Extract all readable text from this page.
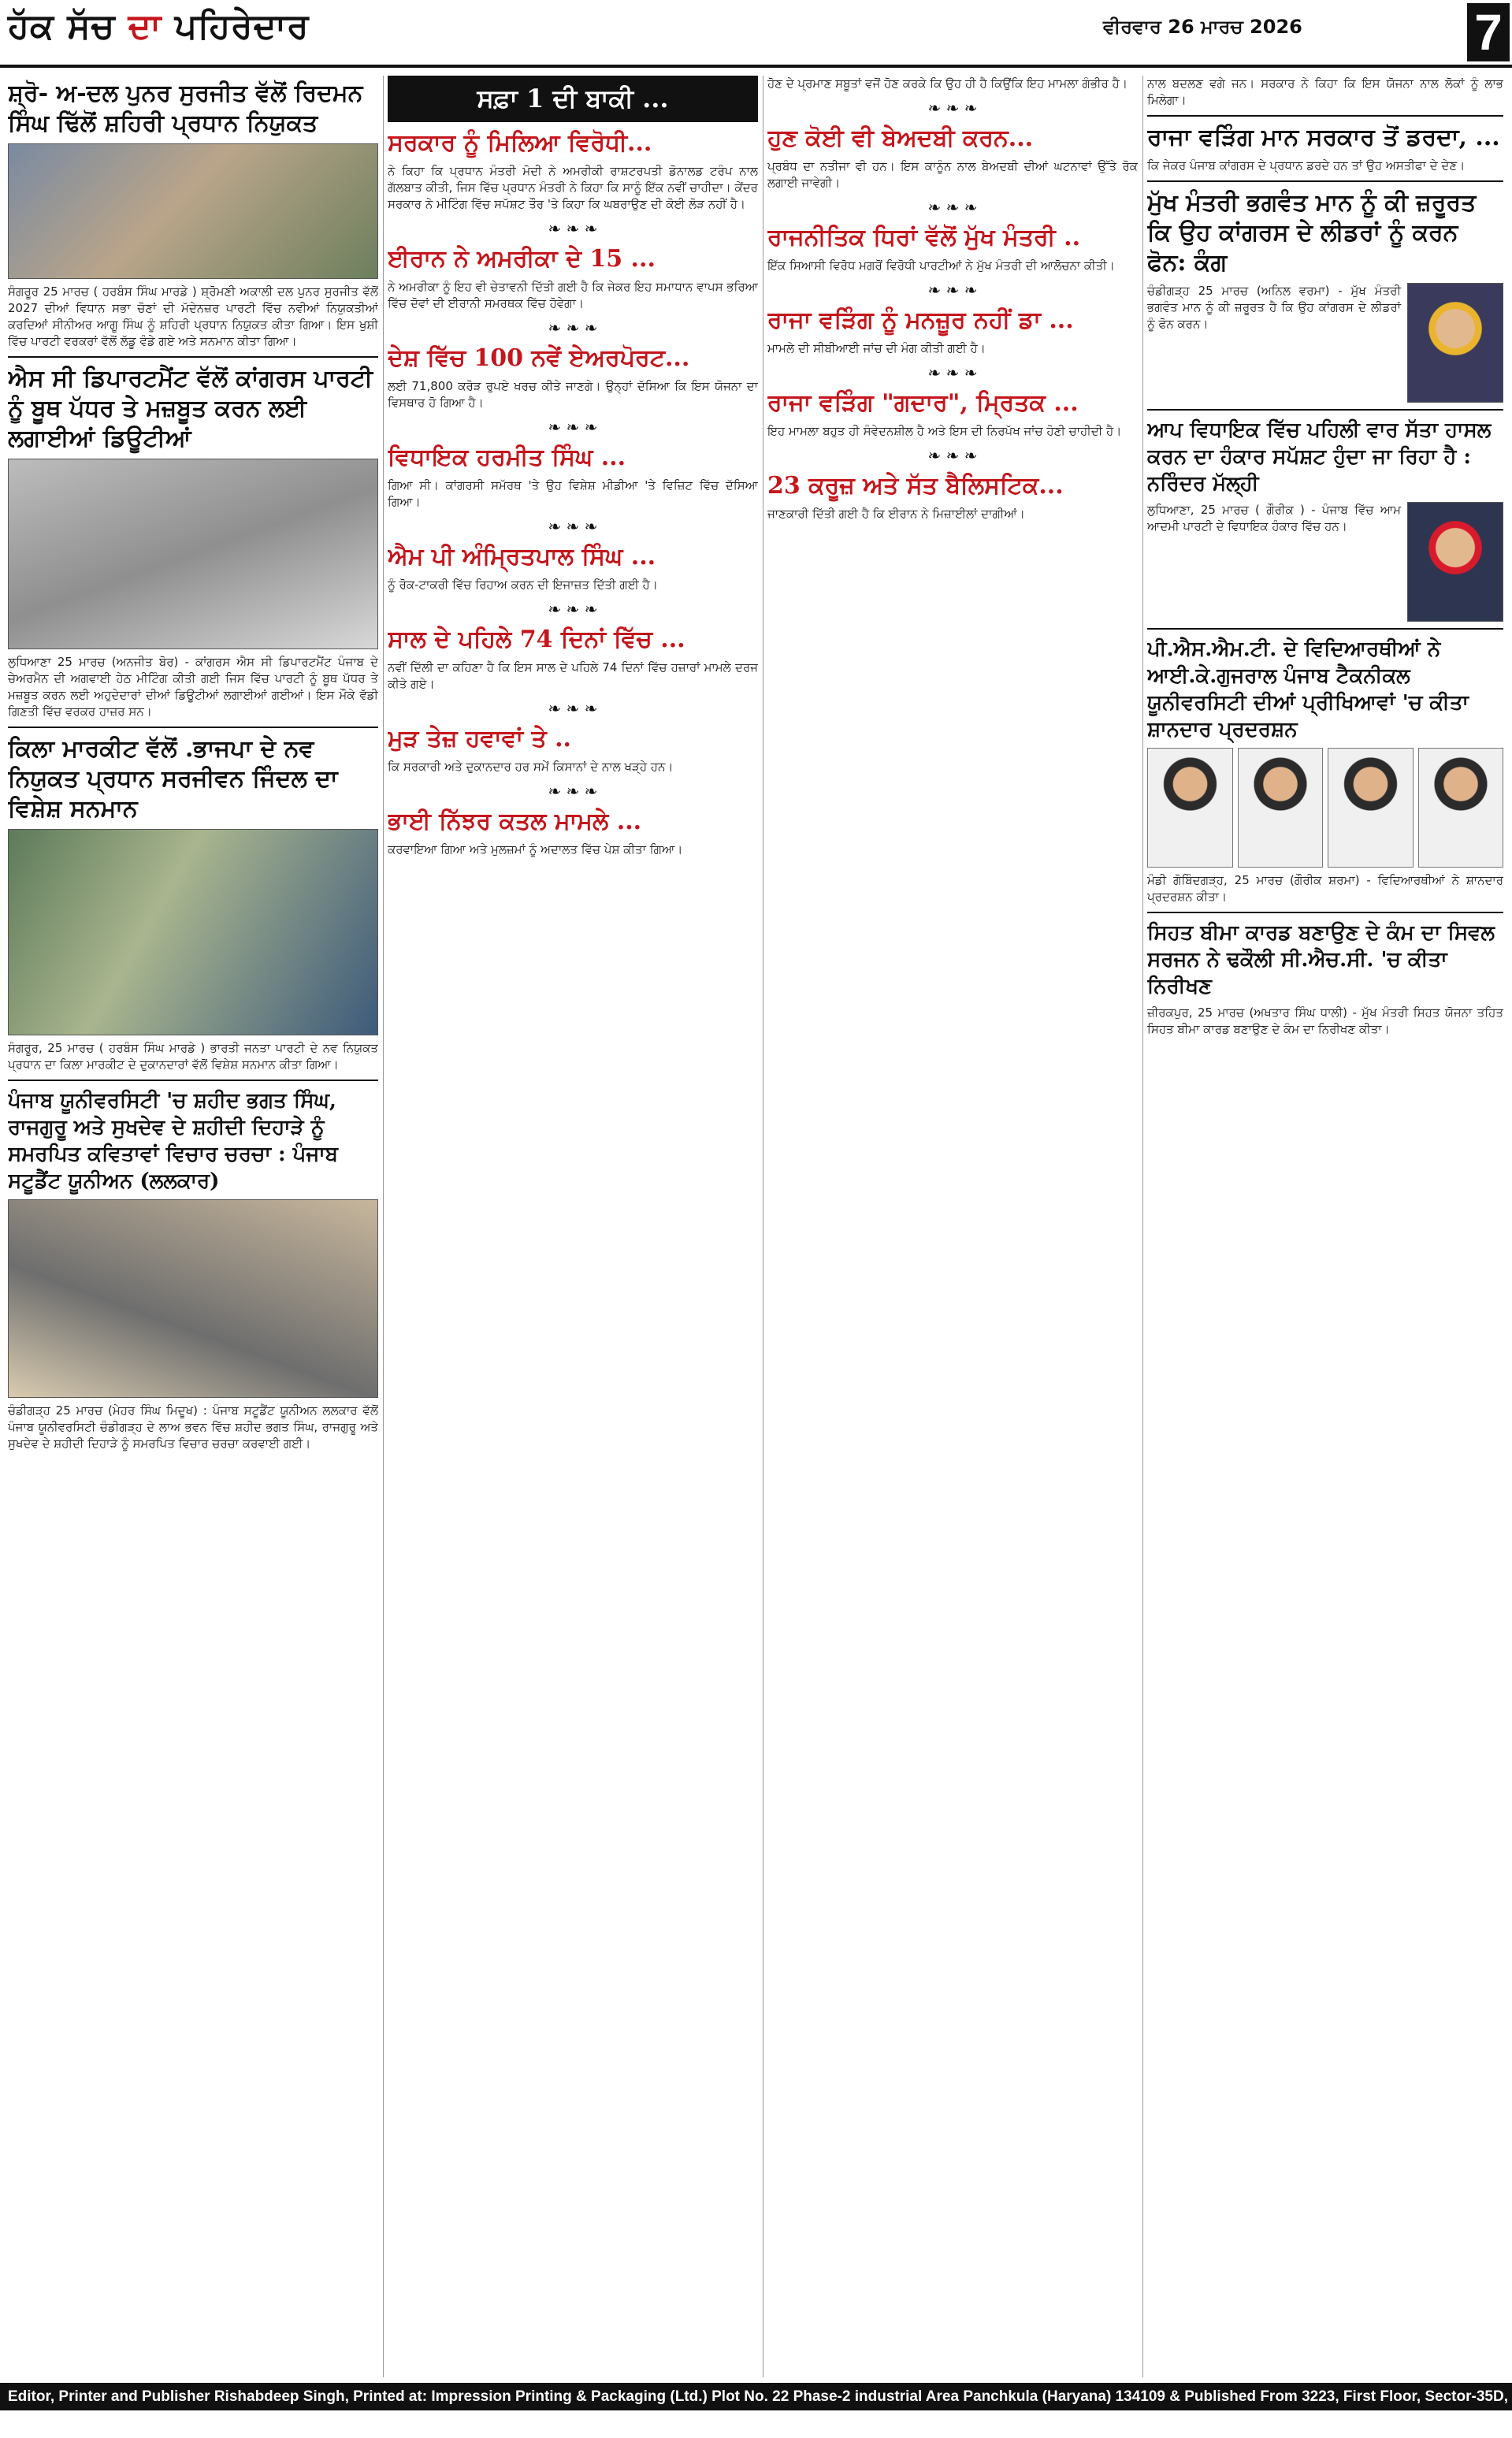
ਹੱਕ ਸੱਚ ਦਾ ਪਹਿਰੇਦਾਰ	ਵੀਰਵਾਰ 26 ਮਾਰਚ 2026	7
ਸ਼੍ਰੋ- ਅ-ਦਲ ਪੁਨਰ ਸੁਰਜੀਤ ਵੱਲੋਂ ਰਿਦਮਨ ਸਿੰਘ ਢਿੱਲੋਂ ਸ਼ਹਿਰੀ ਪ੍ਰਧਾਨ ਨਿਯੁਕਤ
ਸੰਗਰੂਰ 25 ਮਾਰਚ ( ਹਰਬੰਸ ਸਿੰਘ ਮਾਰਡੇ ) ਸ਼੍ਰੋਮਣੀ ਅਕਾਲੀ ਦਲ ਪੁਨਰ ਸੁਰਜੀਤ ਵੱਲੋਂ 2027 ਦੀਆਂ ਵਿਧਾਨ ਸਭਾ ਚੋਣਾਂ ਦੀ ਮੱਦੇਨਜ਼ਰ ਪਾਰਟੀ ਵਿੱਚ ਨਵੀਆਂ ਨਿਯੁਕਤੀਆਂ ਕਰਦਿਆਂ ਸੀਨੀਅਰ ਆਗੂ ਸਿੰਘ ਨੂੰ ਸ਼ਹਿਰੀ ਪ੍ਰਧਾਨ ਨਿਯੁਕਤ ਕੀਤਾ ਗਿਆ। ਇਸ ਖੁਸ਼ੀ ਵਿੱਚ ਪਾਰਟੀ ਵਰਕਰਾਂ ਵੱਲੋਂ ਲੱਡੂ ਵੰਡੇ ਗਏ ਅਤੇ ਸਨਮਾਨ ਕੀਤਾ ਗਿਆ।
ਐਸ ਸੀ ਡਿਪਾਰਟਮੈਂਟ ਵੱਲੋਂ ਕਾਂਗਰਸ ਪਾਰਟੀ ਨੂੰ ਬੂਥ ਪੱਧਰ ਤੇ ਮਜ਼ਬੂਤ ਕਰਨ ਲਈ ਲਗਾਈਆਂ ਡਿਊਟੀਆਂ
ਲੁਧਿਆਣਾ 25 ਮਾਰਚ (ਅਨਜੀਤ ਬੋਰ) - ਕਾਂਗਰਸ ਐਸ ਸੀ ਡਿਪਾਰਟਮੈਂਟ ਪੰਜਾਬ ਦੇ ਚੇਅਰਮੈਨ ਦੀ ਅਗਵਾਈ ਹੇਠ ਮੀਟਿੰਗ ਕੀਤੀ ਗਈ ਜਿਸ ਵਿੱਚ ਪਾਰਟੀ ਨੂੰ ਬੂਥ ਪੱਧਰ ਤੇ ਮਜ਼ਬੂਤ ਕਰਨ ਲਈ ਅਹੁਦੇਦਾਰਾਂ ਦੀਆਂ ਡਿਊਟੀਆਂ ਲਗਾਈਆਂ ਗਈਆਂ। ਇਸ ਮੌਕੇ ਵੱਡੀ ਗਿਣਤੀ ਵਿੱਚ ਵਰਕਰ ਹਾਜ਼ਰ ਸਨ।
ਕਿਲਾ ਮਾਰਕੀਟ ਵੱਲੋਂ .ਭਾਜਪਾ ਦੇ ਨਵ ਨਿਯੁਕਤ ਪ੍ਰਧਾਨ ਸਰਜੀਵਨ ਜਿੰਦਲ ਦਾ ਵਿਸ਼ੇਸ਼ ਸਨਮਾਨ
ਸੰਗਰੂਰ, 25 ਮਾਰਚ ( ਹਰਬੰਸ ਸਿੰਘ ਮਾਰਡੇ ) ਭਾਰਤੀ ਜਨਤਾ ਪਾਰਟੀ ਦੇ ਨਵ ਨਿਯੁਕਤ ਪ੍ਰਧਾਨ ਦਾ ਕਿਲਾ ਮਾਰਕੀਟ ਦੇ ਦੁਕਾਨਦਾਰਾਂ ਵੱਲੋਂ ਵਿਸ਼ੇਸ਼ ਸਨਮਾਨ ਕੀਤਾ ਗਿਆ।
ਪੰਜਾਬ ਯੂਨੀਵਰਸਿਟੀ 'ਚ ਸ਼ਹੀਦ ਭਗਤ ਸਿੰਘ, ਰਾਜਗੁਰੂ ਅਤੇ ਸੁਖਦੇਵ ਦੇ ਸ਼ਹੀਦੀ ਦਿਹਾੜੇ ਨੂੰ ਸਮਰਪਿਤ ਕਵਿਤਾਵਾਂ ਵਿਚਾਰ ਚਰਚਾ : ਪੰਜਾਬ ਸਟੂਡੈਂਟ ਯੂਨੀਅਨ (ਲਲਕਾਰ)
ਚੰਡੀਗੜ੍ਹ 25 ਮਾਰਚ (ਮੇਹਰ ਸਿੰਘ ਮਿਦੂਖ) : ਪੰਜਾਬ ਸਟੂਡੈਂਟ ਯੂਨੀਅਨ ਲਲਕਾਰ ਵੱਲੋਂ ਪੰਜਾਬ ਯੂਨੀਵਰਸਿਟੀ ਚੰਡੀਗੜ੍ਹ ਦੇ ਲਾਅ ਭਵਨ ਵਿੱਚ ਸ਼ਹੀਦ ਭਗਤ ਸਿੰਘ, ਰਾਜਗੁਰੂ ਅਤੇ ਸੁਖਦੇਵ ਦੇ ਸ਼ਹੀਦੀ ਦਿਹਾੜੇ ਨੂੰ ਸਮਰਪਿਤ ਵਿਚਾਰ ਚਰਚਾ ਕਰਵਾਈ ਗਈ।
ਸਫ਼ਾ 1 ਦੀ ਬਾਕੀ ...
ਸਰਕਾਰ ਨੂੰ ਮਿਲਿਆ ਵਿਰੋਧੀ...
ਨੇ ਕਿਹਾ ਕਿ ਪ੍ਰਧਾਨ ਮੰਤਰੀ ਮੋਦੀ ਨੇ ਅਮਰੀਕੀ ਰਾਸ਼ਟਰਪਤੀ ਡੋਨਾਲਡ ਟਰੰਪ ਨਾਲ ਗੱਲਬਾਤ ਕੀਤੀ, ਜਿਸ ਵਿੱਚ ਪ੍ਰਧਾਨ ਮੰਤਰੀ ਨੇ ਕਿਹਾ ਕਿ ਸਾਨੂੰ ਇੱਕ ਨਵੀਂ ਚਾਹੀਦਾ। ਕੇਂਦਰ ਸਰਕਾਰ ਨੇ ਮੀਟਿੰਗ ਵਿੱਚ ਸਪੱਸ਼ਟ ਤੌਰ 'ਤੇ ਕਿਹਾ ਕਿ ਘਬਰਾਉਣ ਦੀ ਕੋਈ ਲੋੜ ਨਹੀਂ ਹੈ।
❧ ❧ ❧
ਈਰਾਨ ਨੇ ਅਮਰੀਕਾ ਦੇ 15 ...
ਨੇ ਅਮਰੀਕਾ ਨੂੰ ਇਹ ਵੀ ਚੇਤਾਵਨੀ ਦਿੱਤੀ ਗਈ ਹੈ ਕਿ ਜੇਕਰ ਇਹ ਸਮਾਧਾਨ ਵਾਪਸ ਭਰਿਆ ਵਿੱਚ ਦੋਵਾਂ ਦੀ ਈਰਾਨੀ ਸਮਰਥਕ ਵਿੱਚ ਹੋਵੇਗਾ।
❧ ❧ ❧
ਦੇਸ਼ ਵਿੱਚ 100 ਨਵੇਂ ਏਅਰਪੋਰਟ...
ਲਈ 71,800 ਕਰੋੜ ਰੁਪਏ ਖਰਚ ਕੀਤੇ ਜਾਣਗੇ। ਉਨ੍ਹਾਂ ਦੱਸਿਆ ਕਿ ਇਸ ਯੋਜਨਾ ਦਾ ਵਿਸਥਾਰ ਹੋ ਗਿਆ ਹੈ।
❧ ❧ ❧
ਵਿਧਾਇਕ ਹਰਮੀਤ ਸਿੰਘ ...
ਗਿਆ ਸੀ। ਕਾਂਗਰਸੀ ਸਮੱਰਥ 'ਤੇ ਉਹ ਵਿਸ਼ੇਸ਼ ਮੀਡੀਆ 'ਤੇ ਵਿਜ਼ਿਟ ਵਿੱਚ ਦੱਸਿਆ ਗਿਆ।
❧ ❧ ❧
ਐਮ ਪੀ ਅੰਮ੍ਰਿਤਪਾਲ ਸਿੰਘ ...
ਨੂੰ ਰੋਕ-ਟਾਕਰੀ ਵਿੱਚ ਰਿਹਾਅ ਕਰਨ ਦੀ ਇਜਾਜ਼ਤ ਦਿੱਤੀ ਗਈ ਹੈ।
❧ ❧ ❧
ਸਾਲ ਦੇ ਪਹਿਲੇ 74 ਦਿਨਾਂ ਵਿੱਚ ...
ਨਵੀਂ ਦਿੱਲੀ ਦਾ ਕਹਿਣਾ ਹੈ ਕਿ ਇਸ ਸਾਲ ਦੇ ਪਹਿਲੇ 74 ਦਿਨਾਂ ਵਿੱਚ ਹਜ਼ਾਰਾਂ ਮਾਮਲੇ ਦਰਜ ਕੀਤੇ ਗਏ।
❧ ❧ ❧
ਮੁੜ ਤੇਜ਼ ਹਵਾਵਾਂ ਤੇ ..
ਕਿ ਸਰਕਾਰੀ ਅਤੇ ਦੁਕਾਨਦਾਰ ਹਰ ਸਮੇਂ ਕਿਸਾਨਾਂ ਦੇ ਨਾਲ ਖੜ੍ਹੇ ਹਨ।
❧ ❧ ❧
ਭਾਈ ਨਿੱਝਰ ਕਤਲ ਮਾਮਲੇ ...
ਕਰਵਾਇਆ ਗਿਆ ਅਤੇ ਮੁਲਜ਼ਮਾਂ ਨੂੰ ਅਦਾਲਤ ਵਿੱਚ ਪੇਸ਼ ਕੀਤਾ ਗਿਆ।
ਹੋਣ ਦੇ ਪ੍ਰਮਾਣ ਸਬੂਤਾਂ ਵਜੋਂ ਹੋਣ ਕਰਕੇ ਕਿ ਉਹ ਹੀ ਹੈ ਕਿਉਂਕਿ ਇਹ ਮਾਮਲਾ ਗੰਭੀਰ ਹੈ।
❧ ❧ ❧
ਹੁਣ ਕੋਈ ਵੀ ਬੇਅਦਬੀ ਕਰਨ...
ਪ੍ਰਬੰਧ ਦਾ ਨਤੀਜਾ ਵੀ ਹਨ। ਇਸ ਕਾਨੂੰਨ ਨਾਲ ਬੇਅਦਬੀ ਦੀਆਂ ਘਟਨਾਵਾਂ ਉੱਤੇ ਰੋਕ ਲਗਾਈ ਜਾਵੇਗੀ।
❧ ❧ ❧
ਰਾਜਨੀਤਿਕ ਧਿਰਾਂ ਵੱਲੋਂ ਮੁੱਖ ਮੰਤਰੀ ..
ਇੱਕ ਸਿਆਸੀ ਵਿਰੋਧ ਮਗਰੋਂ ਵਿਰੋਧੀ ਪਾਰਟੀਆਂ ਨੇ ਮੁੱਖ ਮੰਤਰੀ ਦੀ ਆਲੋਚਨਾ ਕੀਤੀ।
❧ ❧ ❧
ਰਾਜਾ ਵੜਿੰਗ ਨੂੰ ਮਨਜ਼ੂਰ ਨਹੀਂ ਡਾ ...
ਮਾਮਲੇ ਦੀ ਸੀਬੀਆਈ ਜਾਂਚ ਦੀ ਮੰਗ ਕੀਤੀ ਗਈ ਹੈ।
❧ ❧ ❧
ਰਾਜਾ ਵੜਿੰਗ "ਗਦਾਰ", ਮ੍ਰਿਤਕ ...
ਇਹ ਮਾਮਲਾ ਬਹੁਤ ਹੀ ਸੰਵੇਦਨਸ਼ੀਲ ਹੈ ਅਤੇ ਇਸ ਦੀ ਨਿਰਪੱਖ ਜਾਂਚ ਹੋਣੀ ਚਾਹੀਦੀ ਹੈ।
❧ ❧ ❧
23 ਕਰੂਜ਼ ਅਤੇ ਸੱਤ ਬੈਲਿਸਟਿਕ...
ਜਾਣਕਾਰੀ ਦਿੱਤੀ ਗਈ ਹੈ ਕਿ ਈਰਾਨ ਨੇ ਮਿਜ਼ਾਈਲਾਂ ਦਾਗੀਆਂ।
ਨਾਲ ਬਦਲਣ ਵਗੇ ਜਨ। ਸਰਕਾਰ ਨੇ ਕਿਹਾ ਕਿ ਇਸ ਯੋਜਨਾ ਨਾਲ ਲੋਕਾਂ ਨੂੰ ਲਾਭ ਮਿਲੇਗਾ।
ਰਾਜਾ ਵੜਿੰਗ ਮਾਨ ਸਰਕਾਰ ਤੋਂ ਡਰਦਾ, ...
ਕਿ ਜੇਕਰ ਪੰਜਾਬ ਕਾਂਗਰਸ ਦੇ ਪ੍ਰਧਾਨ ਡਰਦੇ ਹਨ ਤਾਂ ਉਹ ਅਸਤੀਫਾ ਦੇ ਦੇਣ।
ਮੁੱਖ ਮੰਤਰੀ ਭਗਵੰਤ ਮਾਨ ਨੂੰ ਕੀ ਜ਼ਰੂਰਤ ਕਿ ਉਹ ਕਾਂਗਰਸ ਦੇ ਲੀਡਰਾਂ ਨੂੰ ਕਰਨ ਫੋਨ: ਕੰਗ
ਚੰਡੀਗੜ੍ਹ 25 ਮਾਰਚ (ਅਨਿਲ ਵਰਮਾ) - ਮੁੱਖ ਮੰਤਰੀ ਭਗਵੰਤ ਮਾਨ ਨੂੰ ਕੀ ਜ਼ਰੂਰਤ ਹੈ ਕਿ ਉਹ ਕਾਂਗਰਸ ਦੇ ਲੀਡਰਾਂ ਨੂੰ ਫੋਨ ਕਰਨ।
ਆਪ ਵਿਧਾਇਕ ਵਿੱਚ ਪਹਿਲੀ ਵਾਰ ਸੱਤਾ ਹਾਸਲ ਕਰਨ ਦਾ ਹੰਕਾਰ ਸਪੱਸ਼ਟ ਹੁੰਦਾ ਜਾ ਰਿਹਾ ਹੈ : ਨਰਿੰਦਰ ਮੱਲ੍ਹੀ
ਲੁਧਿਆਣਾ, 25 ਮਾਰਚ ( ਗੌਰੀਕ ) - ਪੰਜਾਬ ਵਿੱਚ ਆਮ ਆਦਮੀ ਪਾਰਟੀ ਦੇ ਵਿਧਾਇਕ ਹੰਕਾਰ ਵਿੱਚ ਹਨ।
ਪੀ.ਐਸ.ਐਮ.ਟੀ. ਦੇ ਵਿਦਿਆਰਥੀਆਂ ਨੇ ਆਈ.ਕੇ.ਗੁਜਰਾਲ ਪੰਜਾਬ ਟੈਕਨੀਕਲ ਯੂਨੀਵਰਸਿਟੀ ਦੀਆਂ ਪ੍ਰੀਖਿਆਵਾਂ 'ਚ ਕੀਤਾ ਸ਼ਾਨਦਾਰ ਪ੍ਰਦਰਸ਼ਨ
ਮੰਡੀ ਗੋਬਿੰਦਗੜ੍ਹ, 25 ਮਾਰਚ (ਗੌਰੀਕ ਸ਼ਰਮਾ) - ਵਿਦਿਆਰਥੀਆਂ ਨੇ ਸ਼ਾਨਦਾਰ ਪ੍ਰਦਰਸ਼ਨ ਕੀਤਾ।
ਸਿਹਤ ਬੀਮਾ ਕਾਰਡ ਬਣਾਉਣ ਦੇ ਕੰਮ ਦਾ ਸਿਵਲ ਸਰਜਨ ਨੇ ਢਕੌਲੀ ਸੀ.ਐਚ.ਸੀ. 'ਚ ਕੀਤਾ ਨਿਰੀਖਣ
ਜ਼ੀਰਕਪੁਰ, 25 ਮਾਰਚ (ਅਖਤਾਰ ਸਿੰਘ ਧਾਲੀ) - ਮੁੱਖ ਮੰਤਰੀ ਸਿਹਤ ਯੋਜਨਾ ਤਹਿਤ ਸਿਹਤ ਬੀਮਾ ਕਾਰਡ ਬਣਾਉਣ ਦੇ ਕੰਮ ਦਾ ਨਿਰੀਖਣ ਕੀਤਾ।
Editor, Printer and Publisher Rishabdeep Singh, Printed at: Impression Printing & Packaging (Ltd.) Plot No. 22 Phase-2 industrial Area Panchkula (Haryana) 134109 & Published From 3223, First Floor, Sector-35D, Chandigarh
